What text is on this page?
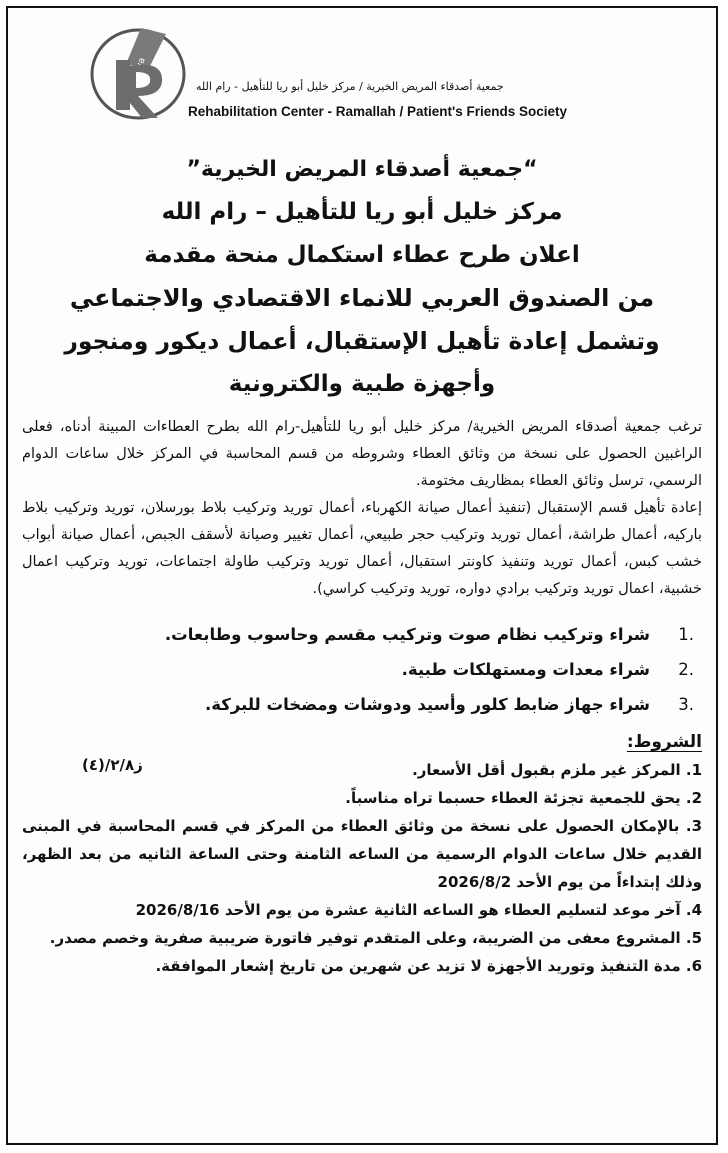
جمعية أصدقاء المريض الخيرية / مركز خليل أبو ريا للتأهيل - رام الله
Rehabilitation Center - Ramallah / Patient's Friends Society
“جمعية أصدقاء المريض الخيرية”
مركز خليل أبو ريا للتأهيل – رام الله
اعلان طرح عطاء استكمال منحة مقدمة
من الصندوق العربي للانماء الاقتصادي والاجتماعي
وتشمل إعادة تأهيل الإستقبال، أعمال ديكور ومنجور
وأجهزة طبية والكترونية

ترغب جمعية أصدقاء المريض الخيرية/ مركز خليل أبو ريا للتأهيل-رام الله بطرح العطاءات المبينة أدناه، فعلى الراغبين الحصول على نسخة من وثائق العطاء وشروطه من قسم المحاسبة في المركز خلال ساعات الدوام الرسمي، ترسل وثائق العطاء بمظاريف مختومة.

إعادة تأهيل قسم الإستقبال (تنفيذ أعمال صيانة الكهرباء، أعمال توريد وتركيب بلاط بورسلان، توريد وتركيب بلاط باركيه، أعمال طراشة، أعمال توريد وتركيب حجر طبيعي، أعمال تغيير وصيانة لأسقف الجبص، أعمال صيانة أبواب خشب كبس، أعمال توريد وتنفيذ كاونتر استقبال، أعمال توريد وتركيب طاولة اجتماعات، توريد وتركيب اعمال خشبية، اعمال توريد وتركيب برادي دواره، توريد وتركيب كراسي).

1.
شراء وتركيب نظام صوت وتركيب مقسم وحاسوب وطابعات.
2.
شراء معدات ومستهلكات طبية.
3.
شراء جهاز ضابط كلور وأسيد ودوشات ومضخات للبركة.
الشروط:
1. المركز غير ملزم بقبول أقل الأسعار.
ز٢/٨/(٤)
2. يحق للجمعية تجزئة العطاء حسبما تراه مناسباً.
3. بالإمكان الحصول على نسخة من وثائق العطاء من المركز في قسم المحاسبة في المبنى القديم خلال ساعات الدوام الرسمية من الساعه الثامنة وحتى الساعة الثانيه من بعد الظهر، وذلك إبتداءاً من يوم الأحد 2026/8/2
4. آخر موعد لتسليم العطاء هو الساعه الثانية عشرة من يوم الأحد 2026/8/16
5. المشروع معفى من الضريبة، وعلى المتقدم توفير فاتورة ضريبية صفرية وخصم مصدر.
6. مدة التنفيذ وتوريد الأجهزة لا تزيد عن شهرين من تاريخ إشعار الموافقة.
